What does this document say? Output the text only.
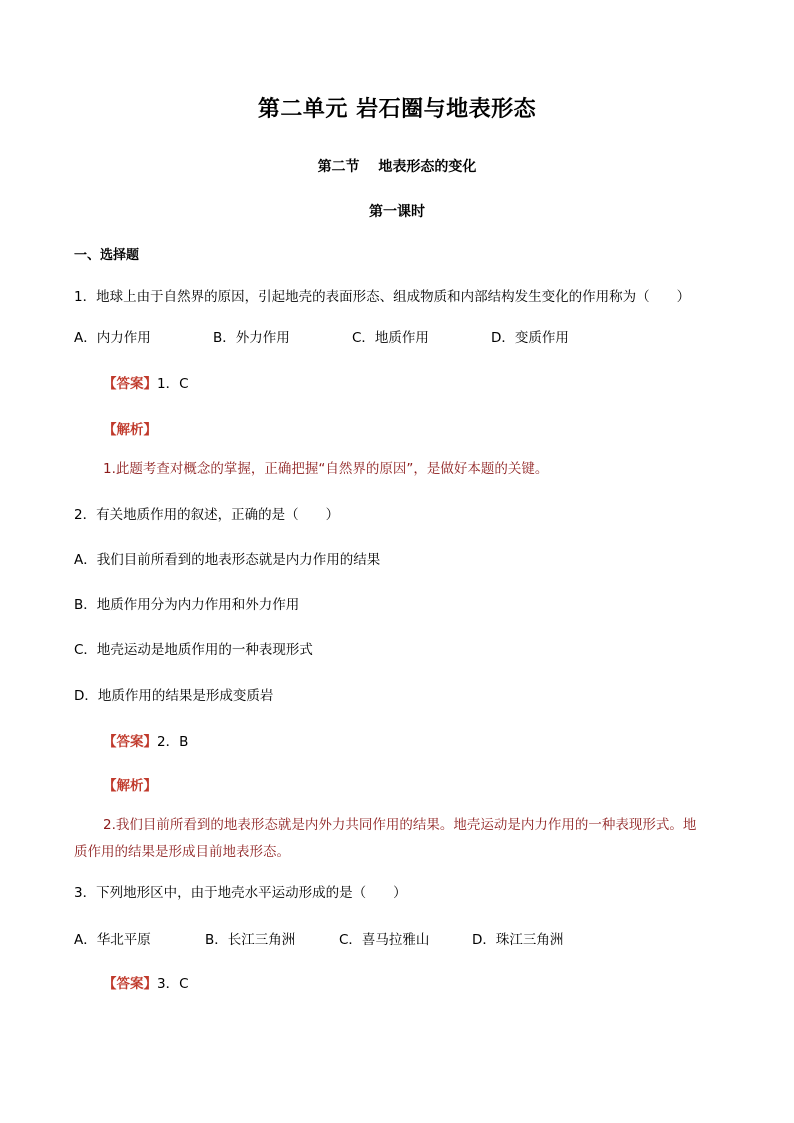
第二单元 岩石圈与地表形态
第二节　 地表形态的变化
第一课时
一、选择题
1．地球上由于自然界的原因，引起地壳的表面形态、组成物质和内部结构发生变化的作用称为（　　）
A．内力作用	B．外力作用	C．地质作用	D．变质作用
【答案】1．C
【解析】
1.此题考查对概念的掌握，正确把握“自然界的原因”，是做好本题的关键。
2．有关地质作用的叙述，正确的是（　　）
A．我们目前所看到的地表形态就是内力作用的结果
B．地质作用分为内力作用和外力作用
C．地壳运动是地质作用的一种表现形式
D．地质作用的结果是形成变质岩
【答案】2．B
【解析】
2.我们目前所看到的地表形态就是内外力共同作用的结果。地壳运动是内力作用的一种表现形式。地
质作用的结果是形成目前地表形态。
3．下列地形区中，由于地壳水平运动形成的是（　　）
A．华北平原	B．长江三角洲	C．喜马拉雅山	D．珠江三角洲
【答案】3．C
